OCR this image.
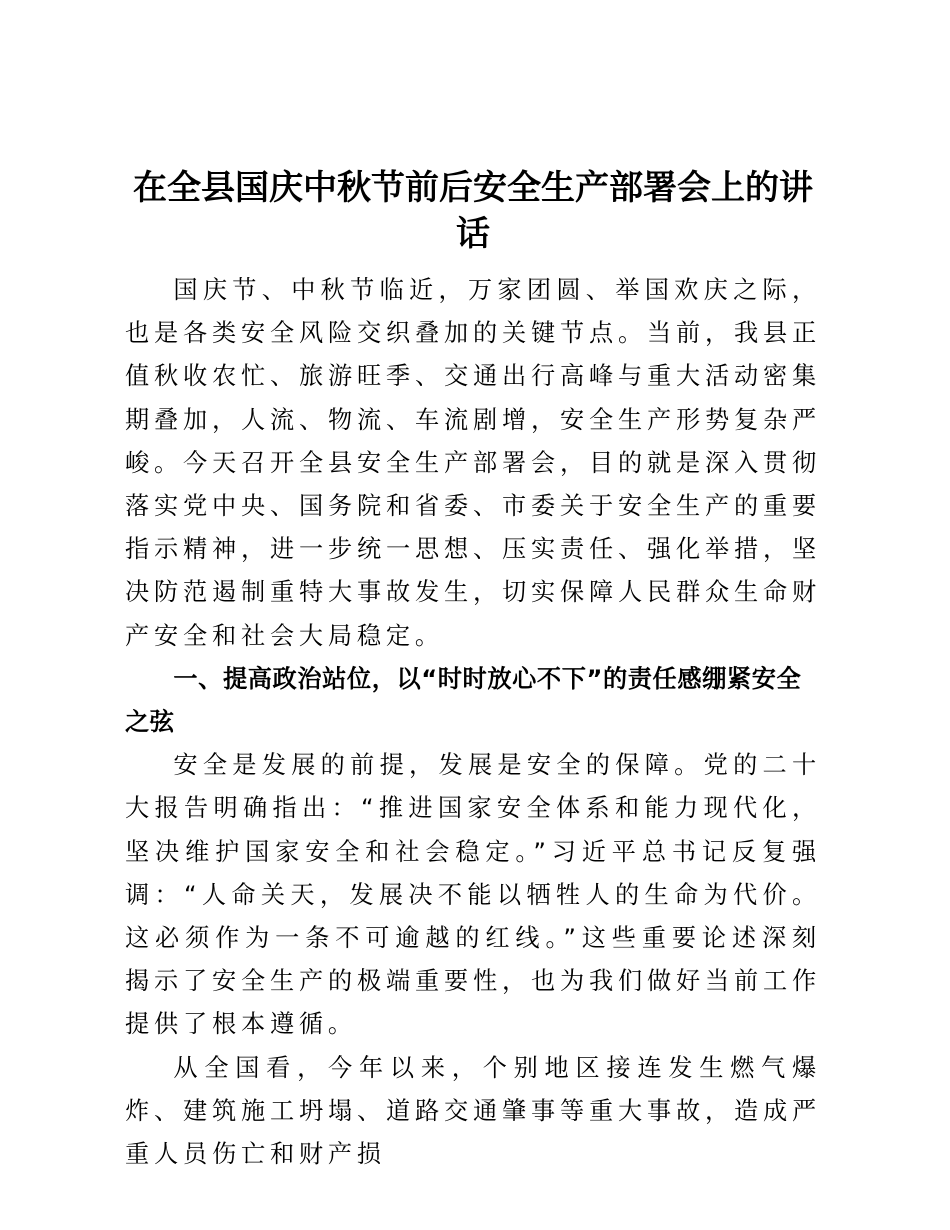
在全县国庆中秋节前后安全生产部署会上的讲话

国庆节、中秋节临近，万家团圆、举国欢庆之际，也是各类安全风险交织叠加的关键节点。当前，我县正值秋收农忙、旅游旺季、交通出行高峰与重大活动密集期叠加，人流、物流、车流剧增，安全生产形势复杂严峻。今天召开全县安全生产部署会，目的就是深入贯彻落实党中央、国务院和省委、市委关于安全生产的重要指示精神，进一步统一思想、压实责任、强化举措，坚决防范遏制重特大事故发生，切实保障人民群众生命财产安全和社会大局稳定。

一、提高政治站位，以“时时放心不下”的责任感绷紧安全之弦

安全是发展的前提，发展是安全的保障。党的二十大报告明确指出：“推进国家安全体系和能力现代化，坚决维护国家安全和社会稳定。”习近平总书记反复强调：“人命关天，发展决不能以牺牲人的生命为代价。这必须作为一条不可逾越的红线。”这些重要论述深刻揭示了安全生产的极端重要性，也为我们做好当前工作提供了根本遵循。

从全国看，今年以来，个别地区接连发生燃气爆炸、建筑施工坍塌、道路交通肇事等重大事故，造成严重人员伤亡和财产损
